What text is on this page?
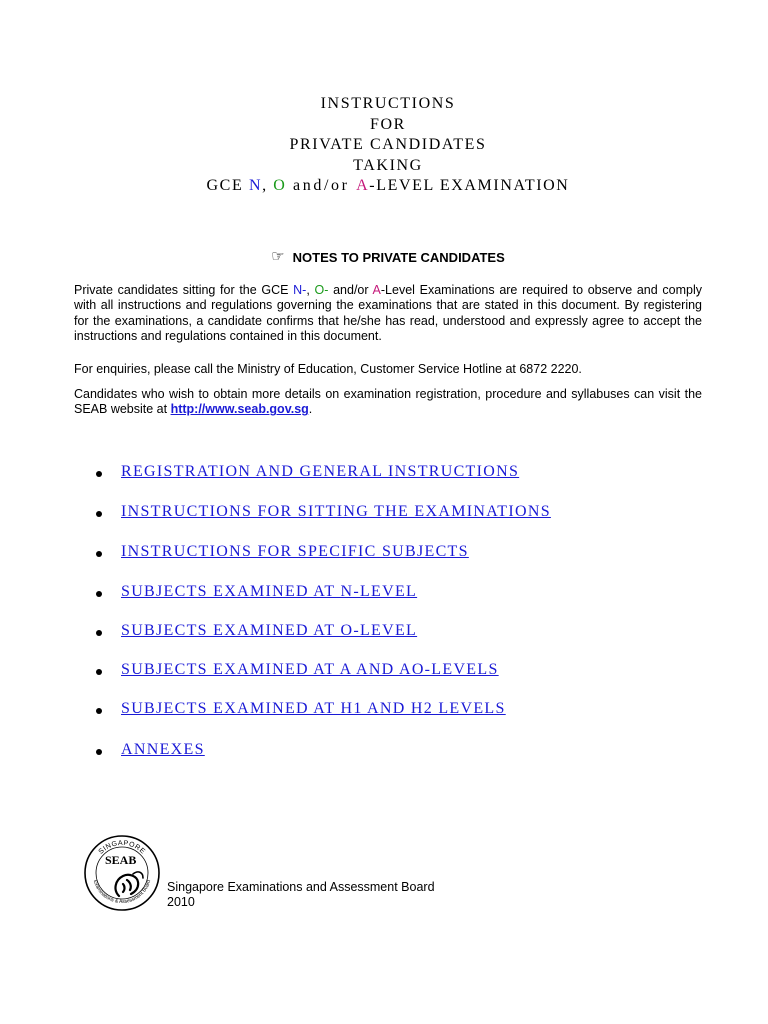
INSTRUCTIONS
FOR
PRIVATE CANDIDATES
TAKING
GCE N, O and/or A-LEVEL EXAMINATION
☞ NOTES TO PRIVATE CANDIDATES
Private candidates sitting for the GCE N-, O- and/or A-Level Examinations are required to observe and comply with all instructions and regulations governing the examinations that are stated in this document. By registering for the examinations, a candidate confirms that he/she has read, understood and expressly agree to accept the instructions and regulations contained in this document.
For enquiries, please call the Ministry of Education, Customer Service Hotline at 6872 2220.
Candidates who wish to obtain more details on examination registration, procedure and syllabuses can visit the SEAB website at http://www.seab.gov.sg.
REGISTRATION AND GENERAL INSTRUCTIONS
INSTRUCTIONS FOR SITTING THE EXAMINATIONS
INSTRUCTIONS FOR SPECIFIC SUBJECTS
SUBJECTS EXAMINED AT N-LEVEL
SUBJECTS EXAMINED AT O-LEVEL
SUBJECTS EXAMINED AT A AND AO-LEVELS
SUBJECTS EXAMINED AT H1 AND H2 LEVELS
ANNEXES
SINGAPORE
Examinations & Assessment Board
SEAB
Singapore Examinations and Assessment Board
2010
